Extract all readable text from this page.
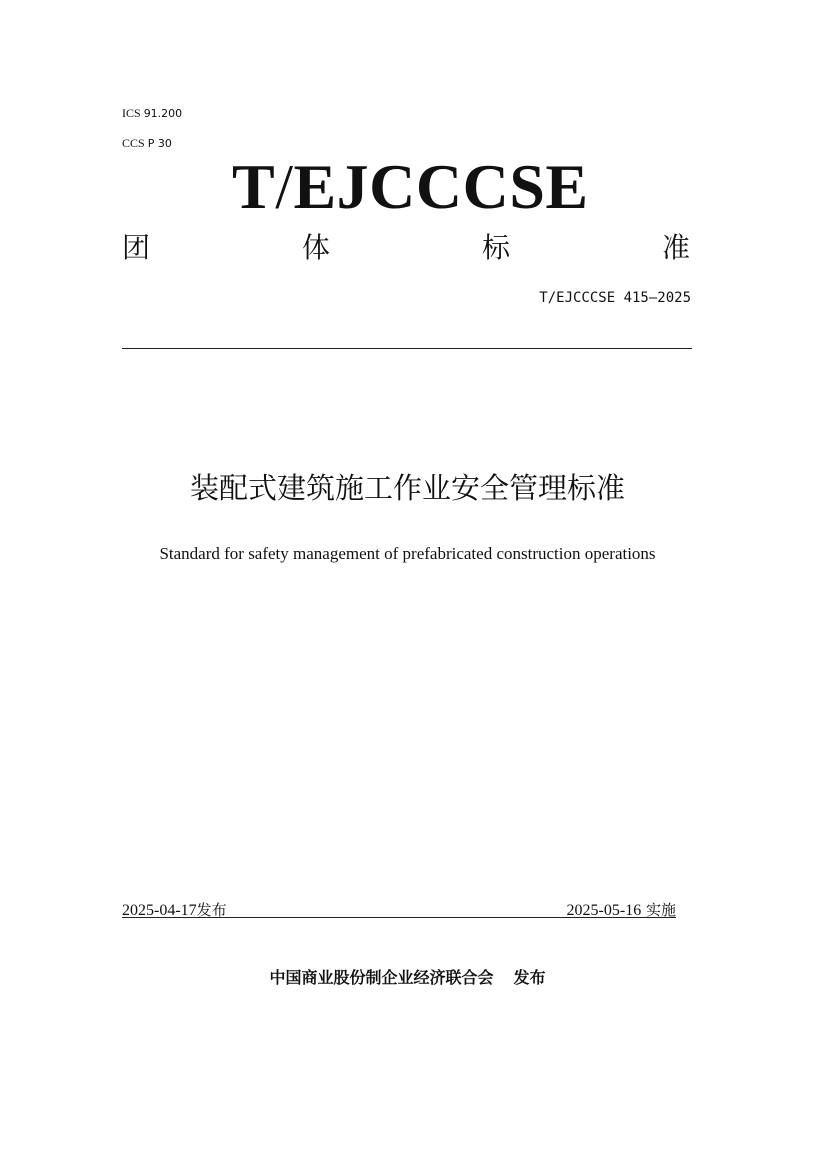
ICS 91.200
CCS P 30
T/EJCCCSE
团	体	标	准
T/EJCCCSE 415—2025
装配式建筑施工作业安全管理标准
Standard for safety management of prefabricated construction operations
2025-04-17发布	2025-05-16 实施
中国商业股份制企业经济联合会 发布
